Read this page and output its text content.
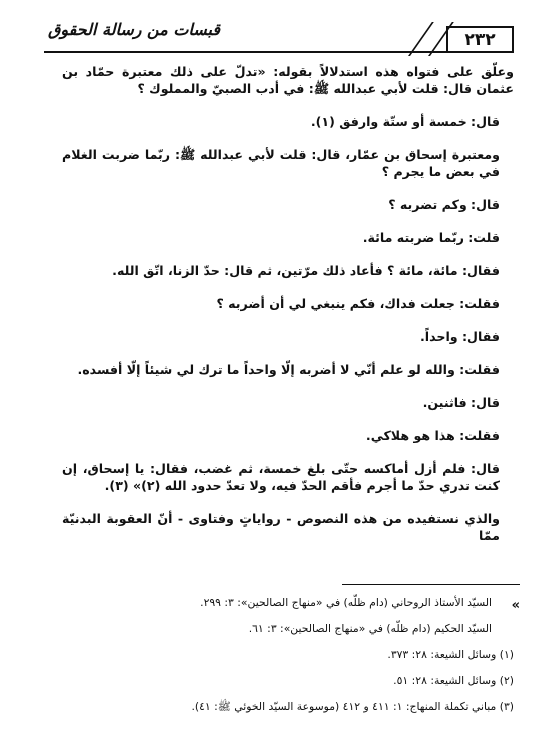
٢٣٢
قبسات من رسالة الحقوق

وعلّق على فتواه هذه استدلالاً بقوله: «تدلّ على ذلك معتبرة حمّاد بن عثمان قال: قلت لأبي عبدالله ﷺ: في أدب الصبيّ والمملوك ؟

قال: خمسة أو ستّة وارفق (١).

ومعتبرة إسحاق بن عمّار، قال: قلت لأبي عبدالله ﷺ: ربّما ضربت الغلام في بعض ما يجرم ؟

قال: وكم تضربه ؟

قلت: ربّما ضربته مائة.

فقال: مائة، مائة ؟ فأعاد ذلك مرّتين، ثم قال: حدّ الزنا، اتّق الله.

فقلت: جعلت فداك، فكم ينبغي لي أن أضربه ؟

فقال: واحداً.

فقلت: والله لو علم أنّي لا أضربه إلّا واحداً ما ترك لي شيئاً إلّا أفسده.

قال: فاثنين.

فقلت: هذا هو هلاكي.

قال: فلم أزل أماكسه حتّى بلغ خمسة، ثم غضب، فقال: يا إسحاق، إن كنت تدري حدّ ما أجرم فأقم الحدّ فيه، ولا تعدّ حدود الله (٢)» (٣).

والذي نستفيده من هذه النصوص - رواياتٍ وفتاوى - أنّ العقوبة البدنيّة ممّا

»

السيّد الأستاذ الروحاني (دام ظلّه) في «منهاج الصالحين»: ٣: ٢٩٩.

السيّد الحكيم (دام ظلّه) في «منهاج الصالحين»: ٣: ٦١.

(١) وسائل الشيعة: ٢٨: ٣٧٣.

(٢) وسائل الشيعة: ٢٨: ٥١.

(٣) مباني تكملة المنهاج: ١: ٤١١ و ٤١٢ (موسوعة السيّد الخوئي ﷺ: ٤١).
